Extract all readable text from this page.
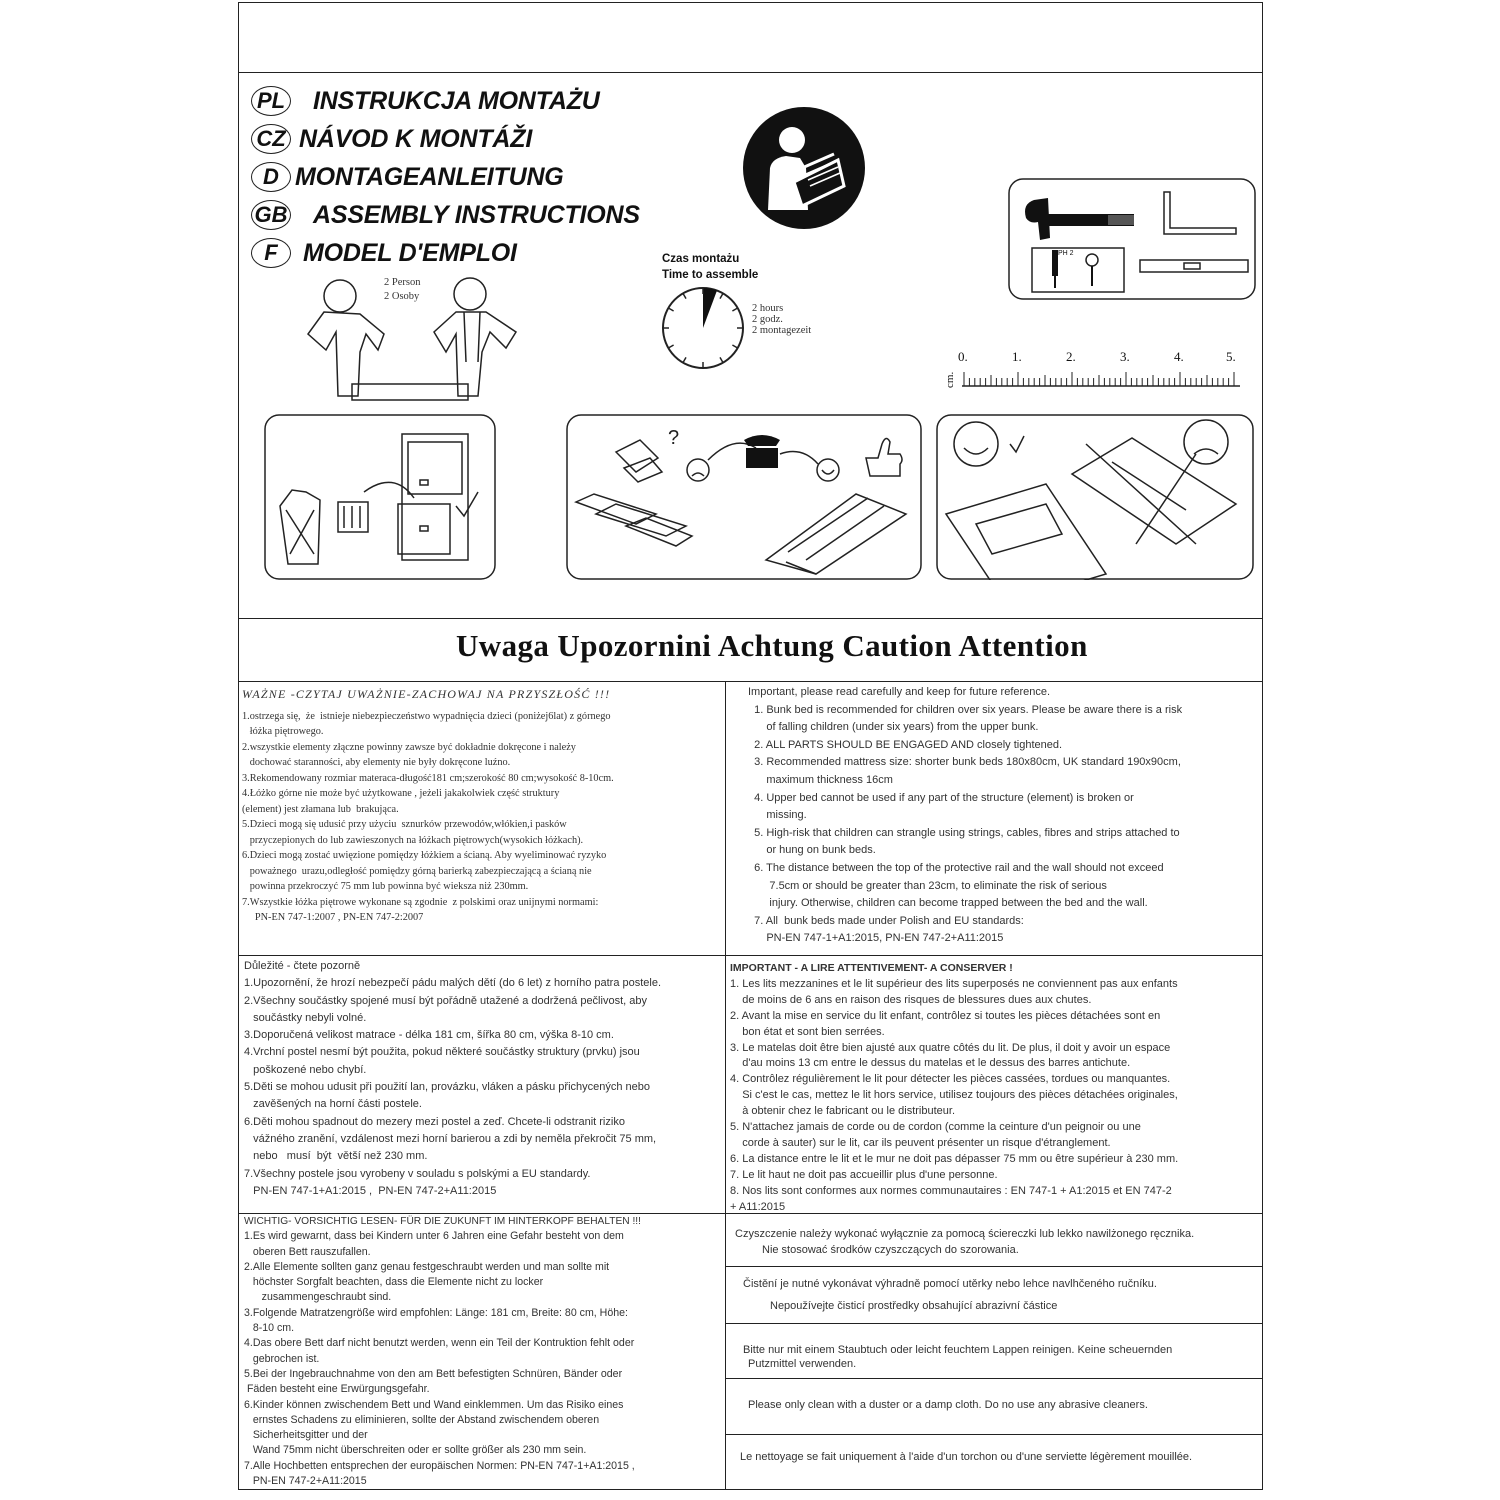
PL INSTRUKCJA MONTAŻU
CZ NÁVOD K MONTÁŽI
D MONTAGEANLEITUNG
GB ASSEMBLY INSTRUCTIONS
F	MODEL D'EMPLOI	PH 2
2 Person
2 Osoby
Czas montażu
Time to assemble
2 hours
2 godz.
2 montagezeit
cm.
0.	1.	2.	3.	4.	5.
?
Uwaga Upozornini Achtung Caution Attention
WAŻNE -CZYTAJ UWAŻNIE-ZACHOWAJ NA PRZYSZŁOŚĆ !!!
1.ostrzega się,  że  istnieje niebezpieczeństwo wypadnięcia dzieci (poniżej6lat) z górnego
łóżka piętrowego.
2.wszystkie elementy złączne powinny zawsze być dokładnie dokręcone i należy
dochować staranności, aby elementy nie były dokręcone luźno.
3.Rekomendowany rozmiar materaca-długość181 cm;szerokość 80 cm;wysokość 8-10cm.
4.Łóżko górne nie może być użytkowane , jeżeli jakakolwiek część struktury
(element) jest złamana lub  brakująca.
5.Dzieci mogą się udusić przy użyciu  sznurków przewodów,włókien,i pasków
przyczepionych do lub zawieszonych na łóżkach piętrowych(wysokich łóżkach).
6.Dzieci mogą zostać uwięzione pomiędzy łóżkiem a ścianą. Aby wyeliminować ryzyko
poważnego  urazu,odległość pomiędzy górną barierką zabezpieczającą a ścianą nie
powinna przekroczyć 75 mm lub powinna być wieksza niż 230mm.
7.Wszystkie łóżka piętrowe wykonane są zgodnie  z polskimi oraz unijnymi normami:
PN-EN 747-1:2007 , PN-EN 747-2:2007
Important, please read carefully and keep for future reference.
1. Bunk bed is recommended for children over six years. Please be aware there is a risk
of falling children (under six years) from the upper bunk.
2. ALL PARTS SHOULD BE ENGAGED AND closely tightened.
3. Recommended mattress size: shorter bunk beds 180x80cm, UK standard 190x90cm,
maximum thickness 16cm
4. Upper bed cannot be used if any part of the structure (element) is broken or
missing.
5. High-risk that children can strangle using strings, cables, fibres and strips attached to
or hung on bunk beds.
6. The distance between the top of the protective rail and the wall should not exceed
7.5cm or should be greater than 23cm, to eliminate the risk of serious
injury. Otherwise, children can become trapped between the bed and the wall.
7. All  bunk beds made under Polish and EU standards:
PN-EN 747-1+A1:2015, PN-EN 747-2+A11:2015
Důležité - čtete pozorně
1.Upozornění, že hrozí nebezpečí pádu malých dětí (do 6 let) z horního patra postele.
2.Všechny součástky spojené musí být pořádně utažené a dodržená pečlivost, aby
součástky nebyli volné.
3.Doporučená velikost matrace - délka 181 cm, šířka 80 cm, výška 8-10 cm.
4.Vrchní postel nesmí být použita, pokud některé součástky struktury (prvku) jsou
poškozené nebo chybí.
5.Děti se mohou udusit při použití lan, provázku, vláken a pásku přichycených nebo
zavěšených na horní části postele.
6.Děti mohou spadnout do mezery mezi postel a zeď. Chcete-li odstranit riziko
vážného zranění, vzdálenost mezi horní barierou a zdi by neměla překročit 75 mm,
nebo   musí  být  větší než 230 mm.
7.Všechny postele jsou vyrobeny v souladu s polskými a EU standardy.
PN-EN 747-1+A1:2015 ,  PN-EN 747-2+A11:2015
IMPORTANT - A LIRE ATTENTIVEMENT- A CONSERVER !
1. Les lits mezzanines et le lit supérieur des lits superposés ne conviennent pas aux enfants
de moins de 6 ans en raison des risques de blessures dues aux chutes.
2. Avant la mise en service du lit enfant, contrôlez si toutes les pièces détachées sont en
bon état et sont bien serrées.
3. Le matelas doit être bien ajusté aux quatre côtés du lit. De plus, il doit y avoir un espace
d'au moins 13 cm entre le dessus du matelas et le dessus des barres antichute.
4. Contrôlez régulièrement le lit pour détecter les pièces cassées, tordues ou manquantes.
Si c'est le cas, mettez le lit hors service, utilisez toujours des pièces détachées originales,
à obtenir chez le fabricant ou le distributeur.
5. N'attachez jamais de corde ou de cordon (comme la ceinture d'un peignoir ou une
corde à sauter) sur le lit, car ils peuvent présenter un risque d'étranglement.
6. La distance entre le lit et le mur ne doit pas dépasser 75 mm ou être supérieur à 230 mm.
7. Le lit haut ne doit pas accueillir plus d'une personne.
8. Nos lits sont conformes aux normes communautaires : EN 747-1 + A1:2015 et EN 747-2
+ A11:2015
WICHTIG- VORSICHTIG LESEN- FÜR DIE ZUKUNFT IM HINTERKOPF BEHALTEN !!!
1.Es wird gewarnt, dass bei Kindern unter 6 Jahren eine Gefahr besteht von dem
oberen Bett rauszufallen.
2.Alle Elemente sollten ganz genau festgeschraubt werden und man sollte mit
höchster Sorgfalt beachten, dass die Elemente nicht zu locker
zusammengeschraubt sind.
3.Folgende Matratzengröße wird empfohlen: Länge: 181 cm, Breite: 80 cm, Höhe:
8-10 cm.
4.Das obere Bett darf nicht benutzt werden, wenn ein Teil der Kontruktion fehlt oder
gebrochen ist.
5.Bei der Ingebrauchnahme von den am Bett befestigten Schnüren, Bänder oder
Fäden besteht eine Erwürgungsgefahr.
6.Kinder können zwischendem Bett und Wand einklemmen. Um das Risiko eines
ernstes Schadens zu eliminieren, sollte der Abstand zwischendem oberen
Sicherheitsgitter und der
Wand 75mm nicht überschreiten oder er sollte größer als 230 mm sein.
7.Alle Hochbetten entsprechen der europäischen Normen: PN-EN 747-1+A1:2015 ,
PN-EN 747-2+A11:2015
Czyszczenie należy wykonać wyłącznie za pomocą ściereczki lub lekko nawilżonego ręcznika.
Nie stosować środków czyszczących do szorowania.
Čistění je nutné vykonávat výhradně pomocí utěrky nebo lehce navlhčeného ručníku.
Nepoužívejte čisticí prostředky obsahující abrazivní částice
Bitte nur mit einem Staubtuch oder leicht feuchtem Lappen reinigen. Keine scheuernden
Putzmittel verwenden.
Please only clean with a duster or a damp cloth. Do no use any abrasive cleaners.
Le nettoyage se fait uniquement à l'aide d'un torchon ou d'une serviette légèrement mouillée.
